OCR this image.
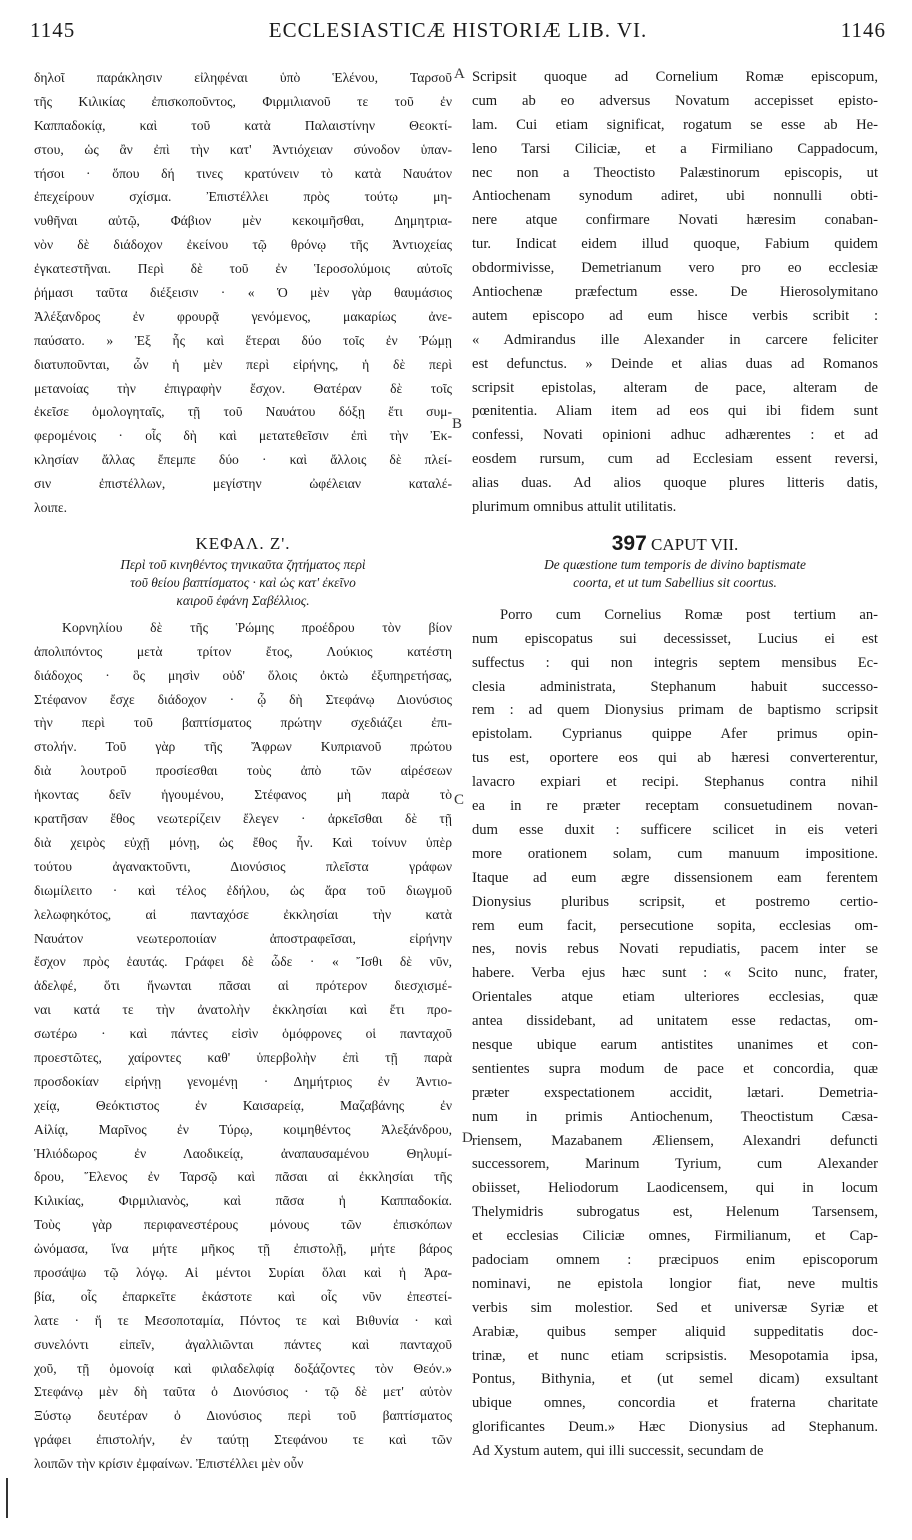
1145	ECCLESIASTICÆ HISTORIÆ LIB. VI.	1146
A
B
C
D
δηλοῖ παράκλησιν εἰληφέναι ὑπὸ Ἑλένου, Ταρσοῦ
τῆς Κιλικίας ἐπισκοποῦντος, Φιρμιλιανοῦ τε τοῦ ἐν
Καππαδοκίᾳ, καὶ τοῦ κατὰ Παλαιστίνην Θεοκτί-
στου, ὡς ἂν ἐπὶ τὴν κατ' Ἀντιόχειαν σύνοδον ὑπαν-
τήσοι · ὅπου δή τινες κρατύνειν τὸ κατὰ Ναυάτον
ἐπεχείρουν σχίσμα. Ἐπιστέλλει πρὸς τούτῳ μη-
νυθῆναι αὐτῷ, Φάβιον μὲν κεκοιμῆσθαι, Δημητρια-
νὸν δὲ διάδοχον ἐκείνου τῷ θρόνῳ τῆς Ἀντιοχείας
ἐγκατεστῆναι. Περὶ δὲ τοῦ ἐν Ἱεροσολύμοις αὐτοῖς
ῥήμασι ταῦτα διέξεισιν · « Ὁ μὲν γὰρ θαυμάσιος
Ἀλέξανδρος ἐν φρουρᾷ γενόμενος, μακαρίως ἀνε-
παύσατο. » Ἐξ ἧς καὶ ἕτεραι δύο τοῖς ἐν Ῥώμῃ
διατυποῦνται, ὧν ἡ μὲν περὶ εἰρήνης, ἡ δὲ περὶ
μετανοίας τὴν ἐπιγραφὴν ἔσχον. Θατέραν δὲ τοῖς
ἐκεῖσε ὁμολογηταῖς, τῇ τοῦ Ναυάτου δόξῃ ἔτι συμ-
φερομένοις · οἷς δὴ καὶ μετατεθεῖσιν ἐπὶ τὴν Ἐκ-
κλησίαν ἄλλας ἔπεμπε δύο · καὶ ἄλλοις δὲ πλεί-
σιν ἐπιστέλλων, μεγίστην ὠφέλειαν καταλέ-
λοιπε.
ΚΕΦΑΛ. Ζ'.
Περὶ τοῦ κινηθέντος τηνικαῦτα ζητήματος περὶ
τοῦ θείου βαπτίσματος · καὶ ὡς κατ' ἐκεῖνο
καιροῦ ἐφάνη Σαβέλλιος.
Κορνηλίου δὲ τῆς Ῥώμης προέδρου τὸν βίον
ἀπολιπόντος μετὰ τρίτον ἔτος, Λούκιος κατέστη
διάδοχος · ὃς μησὶν οὐδ' ὅλοις ὀκτὼ ἐξυπηρετήσας,
Στέφανον ἔσχε διάδοχον · ᾧ δὴ Στεφάνῳ Διονύσιος
τὴν περὶ τοῦ βαπτίσματος πρώτην σχεδιάζει ἐπι-
στολήν. Τοῦ γὰρ τῆς Ἄφρων Κυπριανοῦ πρώτου
διὰ λουτροῦ προσίεσθαι τοὺς ἀπὸ τῶν αἱρέσεων
ἡκοντας δεῖν ἡγουμένου, Στέφανος μὴ παρὰ τὸ
κρατῆσαν ἔθος νεωτερίζειν ἔλεγεν · ἀρκεῖσθαι δὲ τῇ
διὰ χειρὸς εὐχῇ μόνῃ, ὡς ἔθος ἦν. Καὶ τοίνυν ὑπὲρ
τούτου ἀγανακτοῦντι, Διονύσιος πλεῖστα γράφων
διωμίλειτο · καὶ τέλος ἐδήλου, ὡς ἄρα τοῦ διωγμοῦ
λελωφηκότος, αἱ πανταχόσε ἐκκλησίαι τὴν κατὰ
Ναυάτον νεωτεροποιίαν ἀποστραφεῖσαι, εἰρήνην
ἔσχον πρὸς ἑαυτάς. Γράφει δὲ ὧδε · « Ἴσθι δὲ νῦν,
ἀδελφέ, ὅτι ἥνωνται πᾶσαι αἱ πρότερον διεσχισμέ-
ναι κατά τε τὴν ἀνατολὴν ἐκκλησίαι καὶ ἔτι προ-
σωτέρω · καὶ πάντες εἰσὶν ὁμόφρονες οἱ πανταχοῦ
προεστῶτες, χαίροντες καθ' ὑπερβολὴν ἐπὶ τῇ παρὰ
προσδοκίαν εἰρήνῃ γενομένῃ · Δημήτριος ἐν Ἀντιο-
χείᾳ, Θεόκτιστος ἐν Καισαρείᾳ, Μαζαβάνης ἐν
Αἰλίᾳ, Μαρῖνος ἐν Τύρῳ, κοιμηθέντος Ἀλεξάνδρου,
Ἡλιόδωρος ἐν Λαοδικείᾳ, ἀναπαυσαμένου Θηλυμί-
δρου, Ἕλενος ἐν Ταρσῷ καὶ πᾶσαι αἱ ἐκκλησίαι τῆς
Κιλικίας, Φιρμιλιανὸς, καὶ πᾶσα ἡ Καππαδοκία.
Τοὺς γὰρ περιφανεστέρους μόνους τῶν ἐπισκόπων
ὠνόμασα, ἵνα μήτε μῆκος τῇ ἐπιστολῇ, μήτε βάρος
προσάψω τῷ λόγῳ. Αἱ μέντοι Συρίαι ὅλαι καὶ ἡ Ἀρα-
βία, οἷς ἐπαρκεῖτε ἑκάστοτε καὶ οἷς νῦν ἐπεστεί-
λατε · ἥ τε Μεσοποταμία, Πόντος τε καὶ Βιθυνία · καὶ
συνελόντι εἰπεῖν, ἀγαλλιῶνται πάντες καὶ πανταχοῦ
χοῦ, τῇ ὁμονοίᾳ καὶ φιλαδελφίᾳ δοξάζοντες τὸν Θεόν.»
Στεφάνῳ μὲν δὴ ταῦτα ὁ Διονύσιος · τῷ δὲ μετ' αὐτὸν
Ξύστῳ δευτέραν ὁ Διονύσιος περὶ τοῦ βαπτίσματος
γράφει ἐπιστολήν, ἐν ταύτῃ Στεφάνου τε καὶ τῶν
λοιπῶν τὴν κρίσιν ἐμφαίνων. Ἐπιστέλλει μὲν οὖν
Scripsit quoque ad Cornelium Romæ episcopum,
cum ab eo adversus Novatum accepisset episto-
lam. Cui etiam significat, rogatum se esse ab He-
leno Tarsi Ciliciæ, et a Firmiliano Cappadocum,
nec non a Theoctisto Palæstinorum episcopis, ut
Antiochenam synodum adiret, ubi nonnulli obti-
nere atque confirmare Novati hæresim conaban-
tur. Indicat eidem illud quoque, Fabium quidem
obdormivisse, Demetrianum vero pro eo ecclesiæ
Antiochenæ præfectum esse. De Hierosolymitano
autem episcopo ad eum hisce verbis scribit :
« Admirandus ille Alexander in carcere feliciter
est defunctus. » Deinde et alias duas ad Romanos
scripsit epistolas, alteram de pace, alteram de
pœnitentia. Aliam item ad eos qui ibi fidem sunt
confessi, Novati opinioni adhuc adhærentes : et ad
eosdem rursum, cum ad Ecclesiam essent reversi,
alias duas. Ad alios quoque plures litteris datis,
plurimum omnibus attulit utilitatis.
397 CAPUT VII.
De quæstione tum temporis de divino baptismate
coorta, et ut tum Sabellius sit coortus.
Porro cum Cornelius Romæ post tertium an-
num episcopatus sui decessisset, Lucius ei est
suffectus : qui non integris septem mensibus Ec-
clesia administrata, Stephanum habuit successo-
rem : ad quem Dionysius primam de baptismo scripsit
epistolam. Cyprianus quippe Afer primus opin-
tus est, oportere eos qui ab hæresi converterentur,
lavacro expiari et recipi. Stephanus contra nihil
ea in re præter receptam consuetudinem novan-
dum esse duxit : sufficere scilicet in eis veteri
more orationem solam, cum manuum impositione.
Itaque ad eum ægre dissensionem eam ferentem
Dionysius pluribus scripsit, et postremo certio-
rem eum facit, persecutione sopita, ecclesias om-
nes, novis rebus Novati repudiatis, pacem inter se
habere. Verba ejus hæc sunt : « Scito nunc, frater,
Orientales atque etiam ulteriores ecclesias, quæ
antea dissidebant, ad unitatem esse redactas, om-
nesque ubique earum antistites unanimes et con-
sentientes supra modum de pace et concordia, quæ
præter exspectationem accidit, lætari. Demetria-
num in primis Antiochenum, Theoctistum Cæsa-
riensem, Mazabanem Æliensem, Alexandri defuncti
successorem, Marinum Tyrium, cum Alexander
obiisset, Heliodorum Laodicensem, qui in locum
Thelymidris subrogatus est, Helenum Tarsensem,
et ecclesias Ciliciæ omnes, Firmilianum, et Cap-
padociam omnem : præcipuos enim episcoporum
nominavi, ne epistola longior fiat, neve multis
verbis sim molestior. Sed et universæ Syriæ et
Arabiæ, quibus semper aliquid suppeditatis doc-
trinæ, et nunc etiam scripsistis. Mesopotamia ipsa,
Pontus, Bithynia, et (ut semel dicam) exsultant
ubique omnes, concordia et fraterna charitate
glorificantes Deum.» Hæc Dionysius ad Stephanum.
Ad Xystum autem, qui illi successit, secundam de
